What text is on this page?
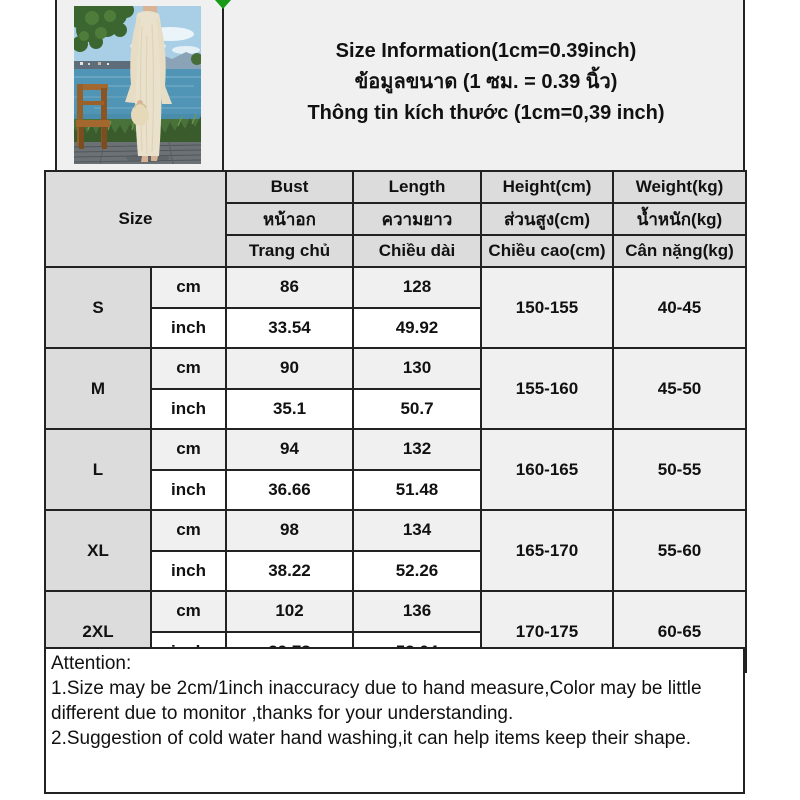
Size Information(1cm=0.39inch)
ข้อมูลขนาด (1 ซม. = 0.39 นิ้ว)
Thông tin kích thước (1cm=0,39 inch)
Size		Bust	Length	Height(cm)	Weight(kg)
		หน้าอก	ความยาว	ส่วนสูง(cm)	น้ำหนัก(kg)
		Trang chủ	Chiều dài	Chiều cao(cm)	Cân nặng(kg)
S	cm	86	128	150-155	40-45
	inch	33.54	49.92		
M	cm	90	130	155-160	45-50
	inch	35.1	50.7		
L	cm	94	132	160-165	50-55
	inch	36.66	51.48		
XL	cm	98	134	165-170	55-60
	inch	38.22	52.26		
2XL	cm	102	136	170-175	60-65

Attention:
1.Size may be 2cm/1inch inaccuracy due to hand measure,Color may be little different due to monitor ,thanks for your understanding.
2.Suggestion of cold water hand washing,it can help items keep their shape.
